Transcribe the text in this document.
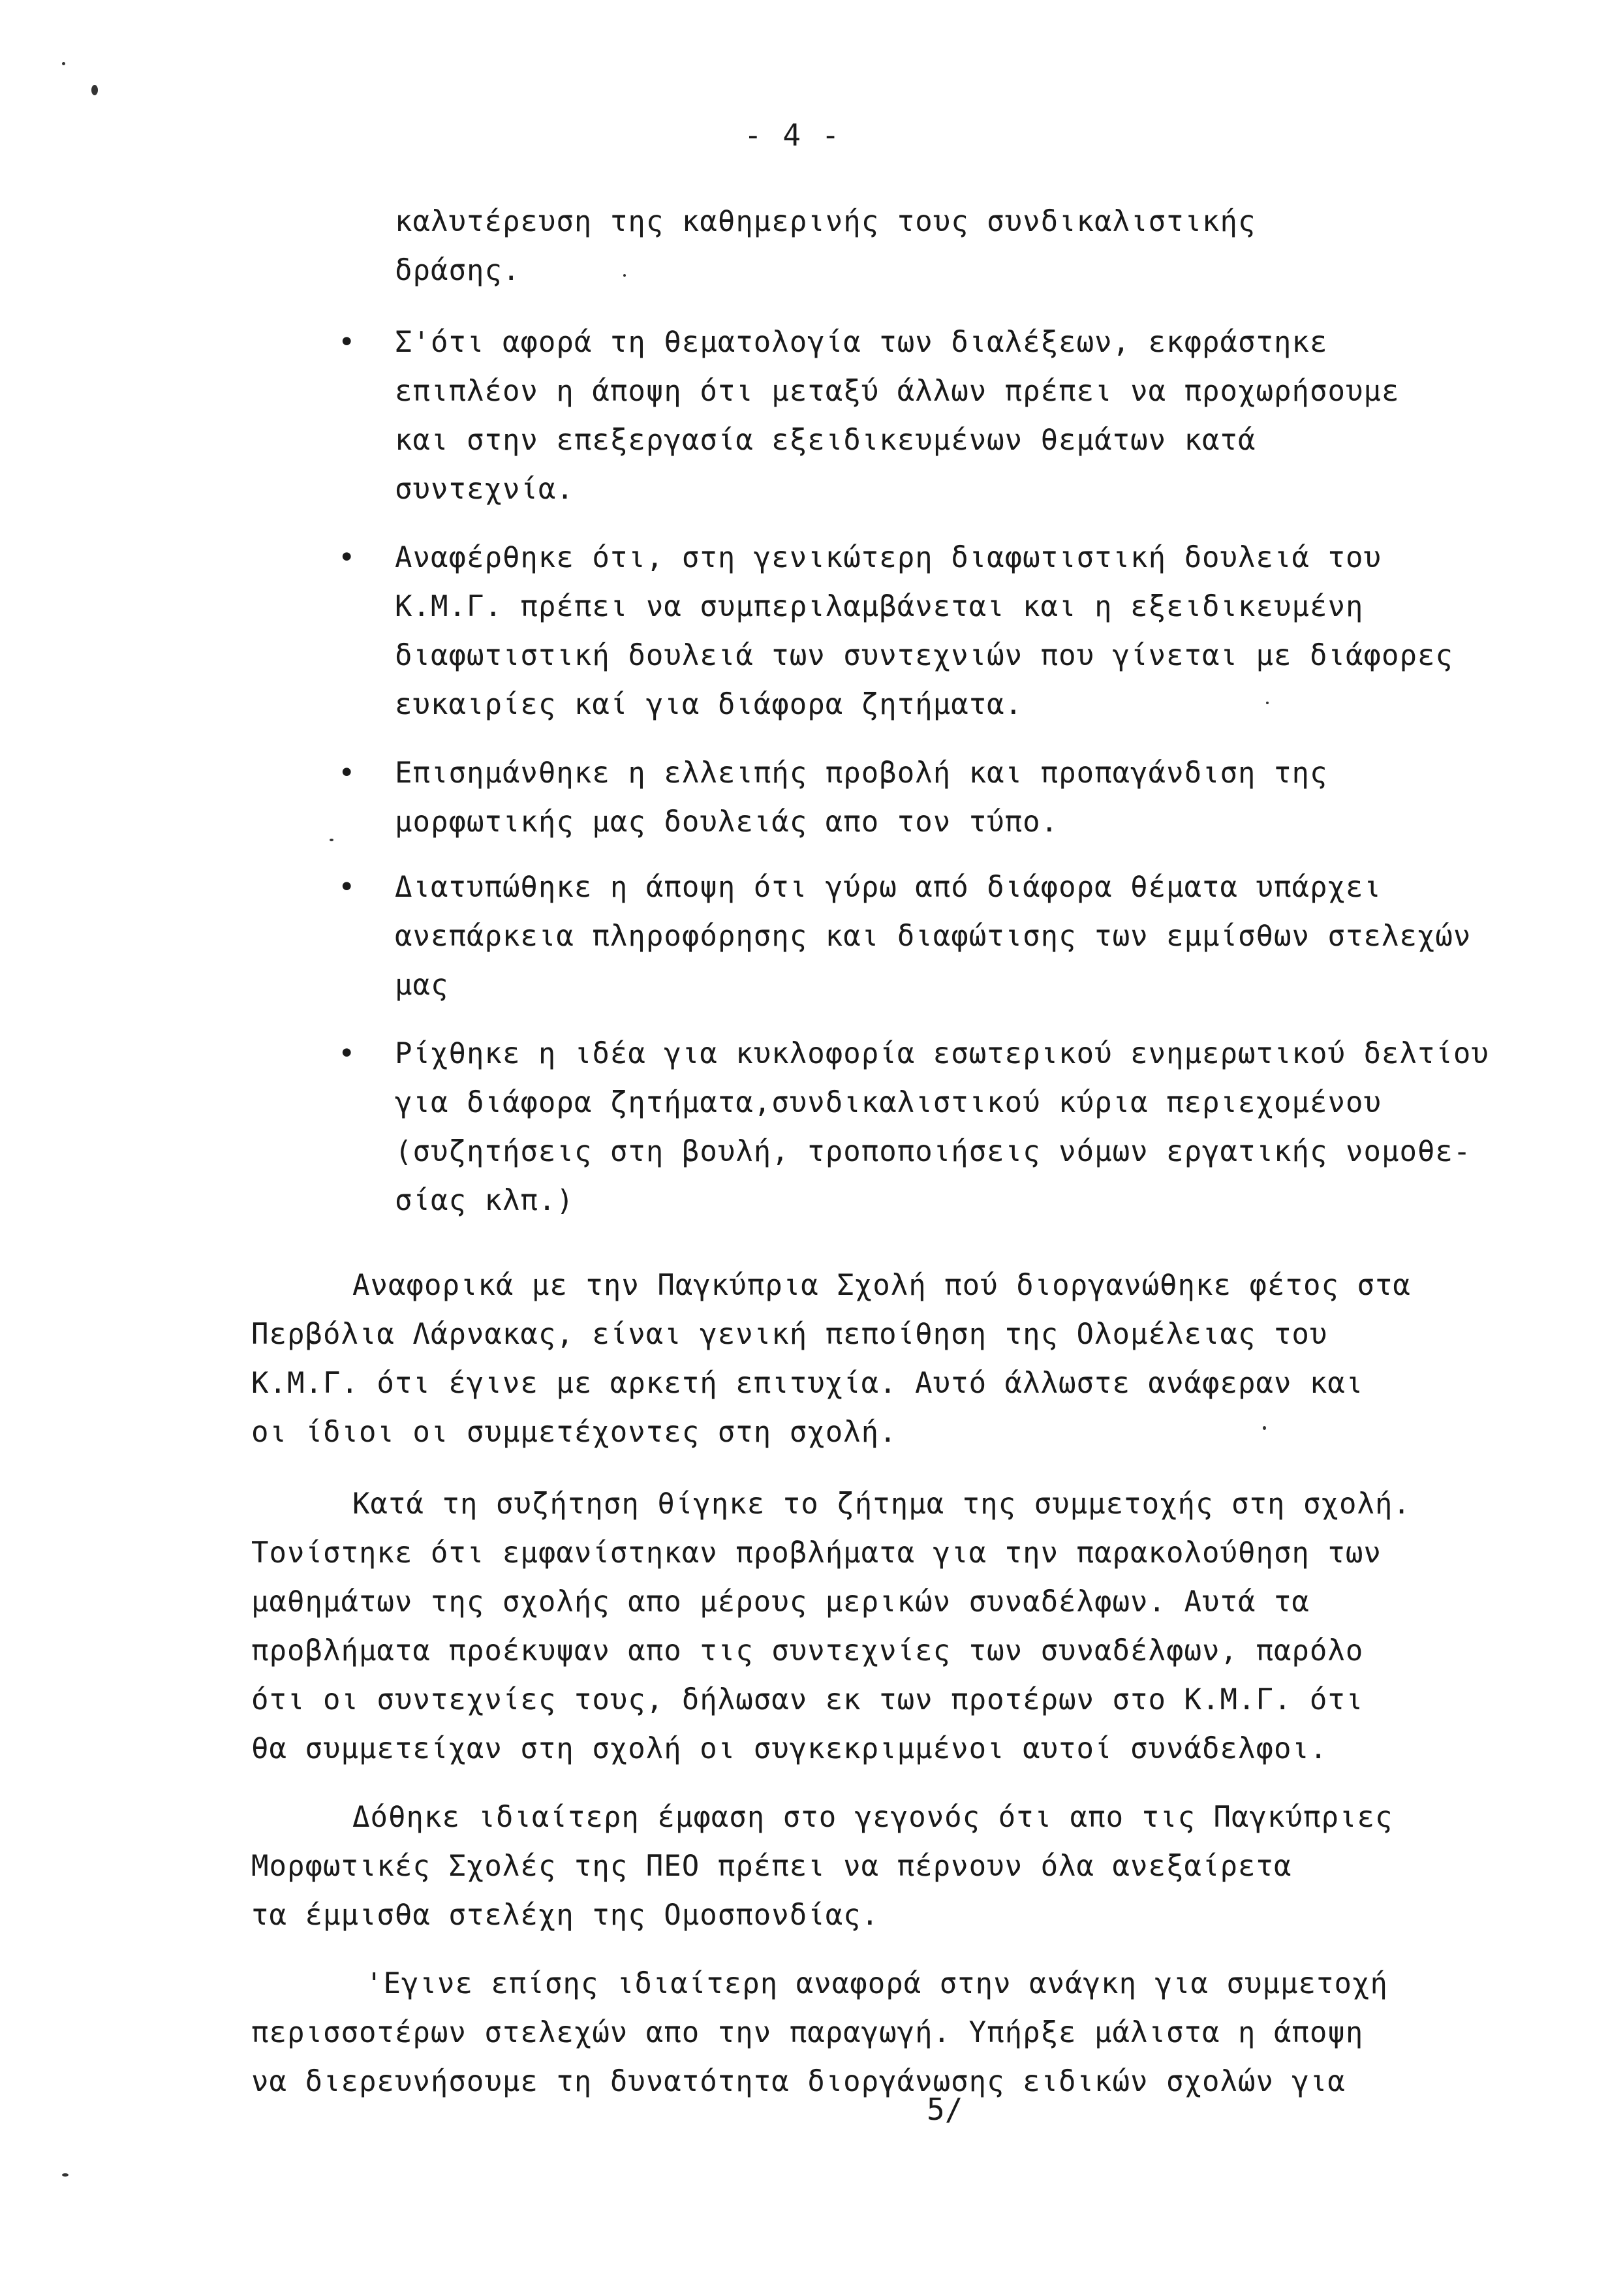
- 4 -
καλυτέρευση της καθημερινής τους συνδικαλιστικής
δράσης.
• Σ'ότι αφορά τη θεματολογία των διαλέξεων, εκφράστηκε
επιπλέον η άποψη ότι μεταξύ άλλων πρέπει να προχωρήσουμε
και στην επεξεργασία εξειδικευμένων θεμάτων κατά
συντεχνία.
• Αναφέρθηκε ότι, στη γενικώτερη διαφωτιστική δουλειά του
Κ.Μ.Γ. πρέπει να συμπεριλαμβάνεται και η εξειδικευμένη
διαφωτιστική δουλειά των συντεχνιών που γίνεται με διάφορες
ευκαιρίες καί για διάφορα ζητήματα.
• Επισημάνθηκε η ελλειπής προβολή και προπαγάνδιση της
μορφωτικής μας δουλειάς απο τον τύπο.
• Διατυπώθηκε η άποψη ότι γύρω από διάφορα θέματα υπάρχει
ανεπάρκεια πληροφόρησης και διαφώτισης των εμμίσθων στελεχών
μας
• Ρίχθηκε η ιδέα για κυκλοφορία εσωτερικού ενημερωτικού δελτίου
για διάφορα ζητήματα,συνδικαλιστικού κύρια περιεχομένου
(συζητήσεις στη βουλή, τροποποιήσεις νόμων εργατικής νομοθε-
σίας κλπ.)
Αναφορικά με την Παγκύπρια Σχολή πού διοργανώθηκε φέτος στα
Περβόλια Λάρνακας, είναι γενική πεποίθηση της Ολομέλειας του
Κ.Μ.Γ. ότι έγινε με αρκετή επιτυχία. Αυτό άλλωστε ανάφεραν και
οι ίδιοι οι συμμετέχοντες στη σχολή.
Κατά τη συζήτηση θίγηκε το ζήτημα της συμμετοχής στη σχολή.
Τονίστηκε ότι εμφανίστηκαν προβλήματα για την παρακολούθηση των
μαθημάτων της σχολής απο μέρους μερικών συναδέλφων. Αυτά τα
προβλήματα προέκυψαν απο τις συντεχνίες των συναδέλφων, παρόλο
ότι οι συντεχνίες τους, δήλωσαν εκ των προτέρων στο Κ.Μ.Γ. ότι
θα συμμετείχαν στη σχολή οι συγκεκριμμένοι αυτοί συνάδελφοι.
Δόθηκε ιδιαίτερη έμφαση στο γεγονός ότι απο τις Παγκύπριες
Μορφωτικές Σχολές της ΠΕΟ πρέπει να πέρνουν όλα ανεξαίρετα
τα έμμισθα στελέχη της Ομοσπονδίας.
'Εγινε επίσης ιδιαίτερη αναφορά στην ανάγκη για συμμετοχή
περισσοτέρων στελεχών απο την παραγωγή. Υπήρξε μάλιστα η άποψη
να διερευνήσουμε τη δυνατότητα διοργάνωσης ειδικών σχολών για
5/
